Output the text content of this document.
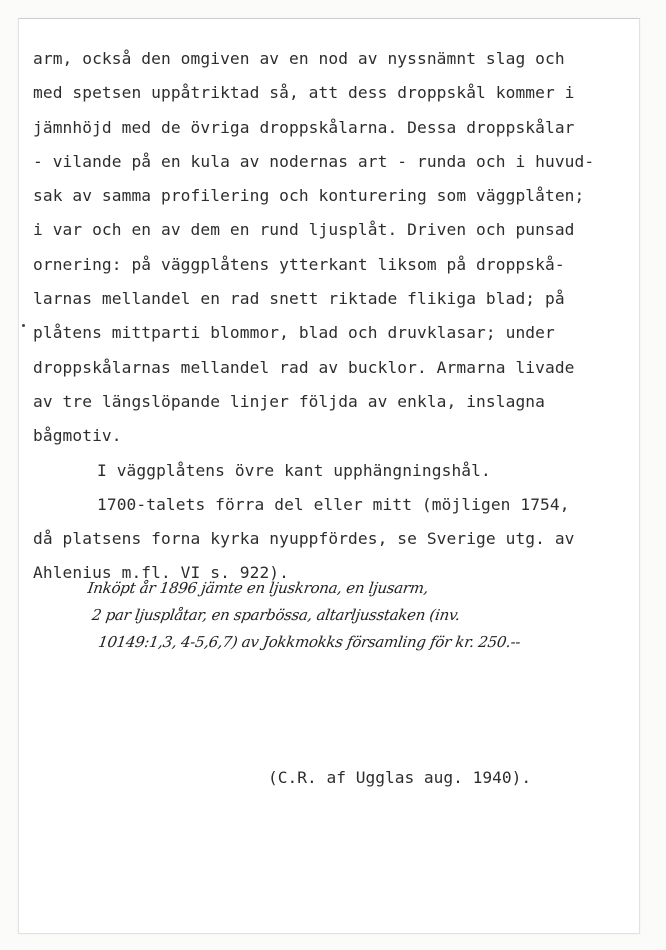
arm, också den omgiven av en nod av nyssnämnt slag och
med spetsen uppåtriktad så, att dess droppskål kommer i
jämnhöjd med de övriga droppskålarna. Dessa droppskålar
- vilande på en kula av nodernas art - runda och i huvud-
sak av samma profilering och konturering som väggplåten;
i var och en av dem en rund ljusplåt. Driven och punsad
ornering: på väggplåtens ytterkant liksom på droppskå-
larnas mellandel en rad snett riktade flikiga blad; på
plåtens mittparti blommor, blad och druvklasar; under
droppskålarnas mellandel rad av bucklor. Armarna livade
av tre längslöpande linjer följda av enkla, inslagna
bågmotiv.
I väggplåtens övre kant upphängningshål.
1700-talets förra del eller mitt (möjligen 1754,
då platsens forna kyrka nyuppfördes, se Sverige utg. av
Ahlenius m.fl. VI s. 922).
Inköpt år 1896 jämte en ljuskrona, en ljusarm,
2 par ljusplåtar, en sparbössa, altarljusstaken (inv.
10149:1,3, 4-5,6,7) av Jokkmokks församling för kr. 250.--
(C.R. af Ugglas aug. 1940).
